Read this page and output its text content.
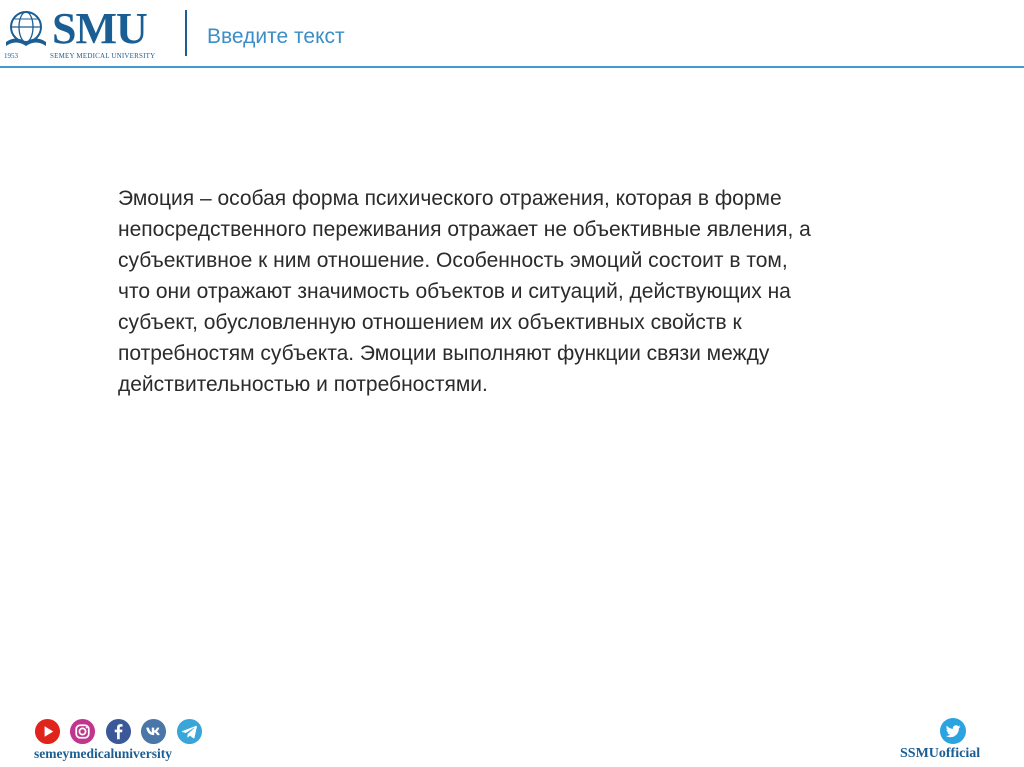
SMU
1953	SEMEY MEDICAL UNIVERSITY
Введите текст

Эмоция – особая форма психического отражения, которая в форме

непосредственного переживания отражает не объективные явления, а

субъективное к ним отношение. Особенность эмоций состоит в том,

что они отражают значимость объектов и ситуаций, действующих на

субъект, обусловленную отношением их объективных свойств к

потребностям субъекта. Эмоции выполняют функции связи между

действительностью и потребностями.

semeymedicaluniversity	SSMUofficial
